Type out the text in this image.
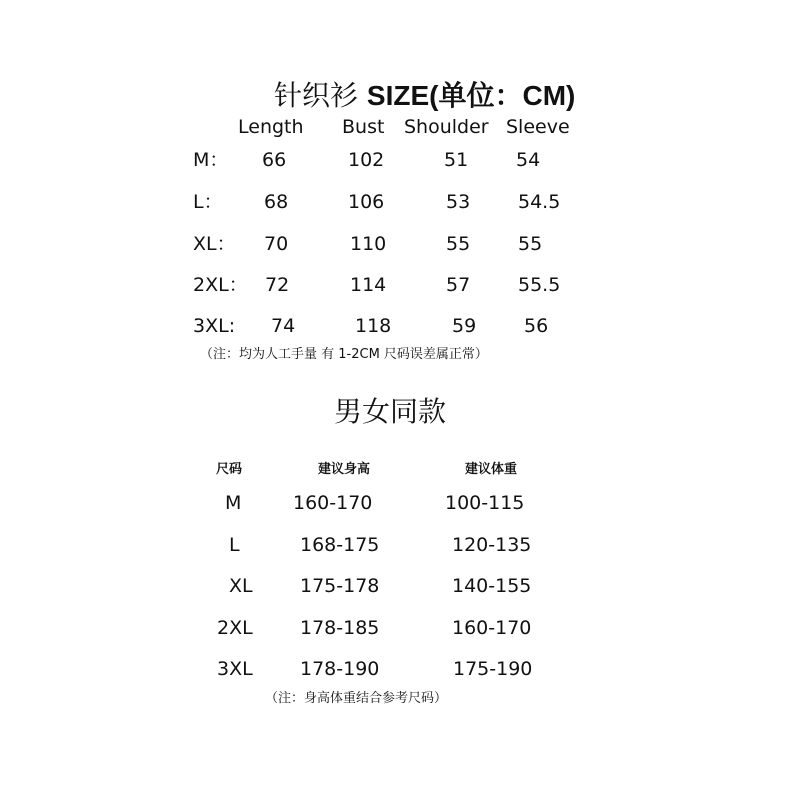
针织衫 SIZE(单位：CM)
Length Bust Shoulder Sleeve
M： 66	102	51	54
L： 68	106	53	54.5
XL： 70	110	55	55
2XL： 72	114	57	55.5
3XL: 74	118	59	56
（注：均为人工手量 有 1-2CM 尺码误差属正常）
男女同款
尺码	建议身高	建议体重
M	160-170	100-115
L	168-175	120-135
XL 175-178	140-155
2XL 178-185	160-170
3XL 178-190	175-190
（注：身高体重结合参考尺码）
